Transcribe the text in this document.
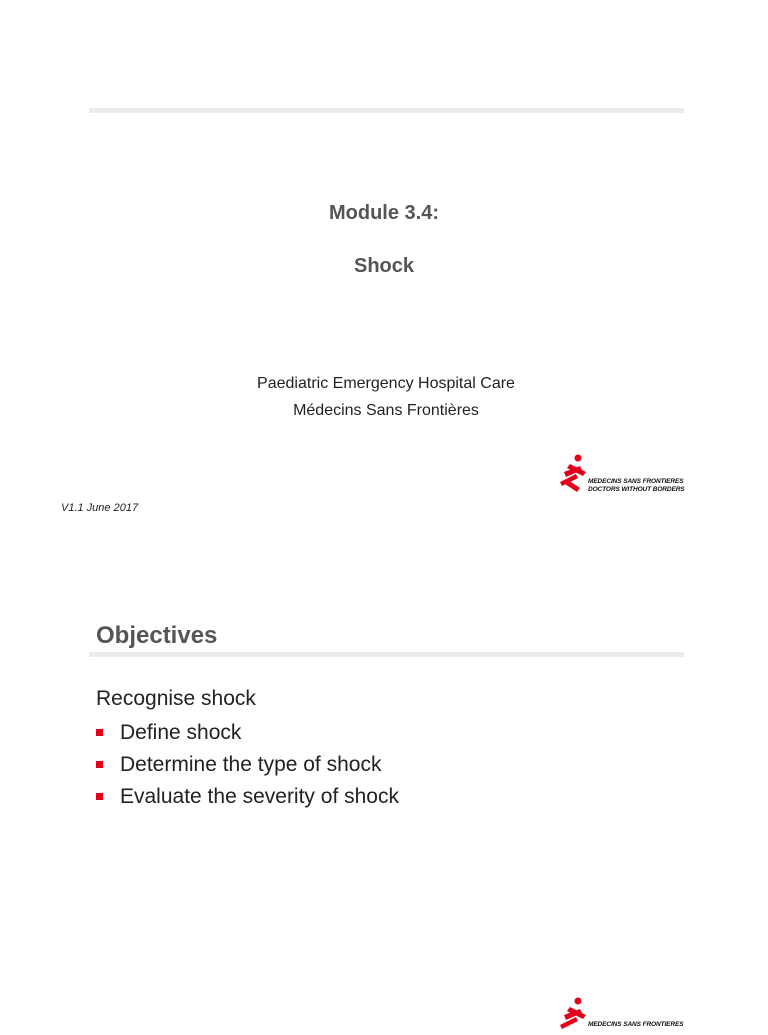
Module 3.4:
Shock
Paediatric Emergency Hospital Care
Médecins Sans Frontières
V1.1 June 2017
MEDECINS SANS FRONTIERES
DOCTORS WITHOUT BORDERS
Objectives
Recognise shock
Define shock
Determine the type of shock
Evaluate the severity of shock
MEDECINS SANS FRONTIERES
